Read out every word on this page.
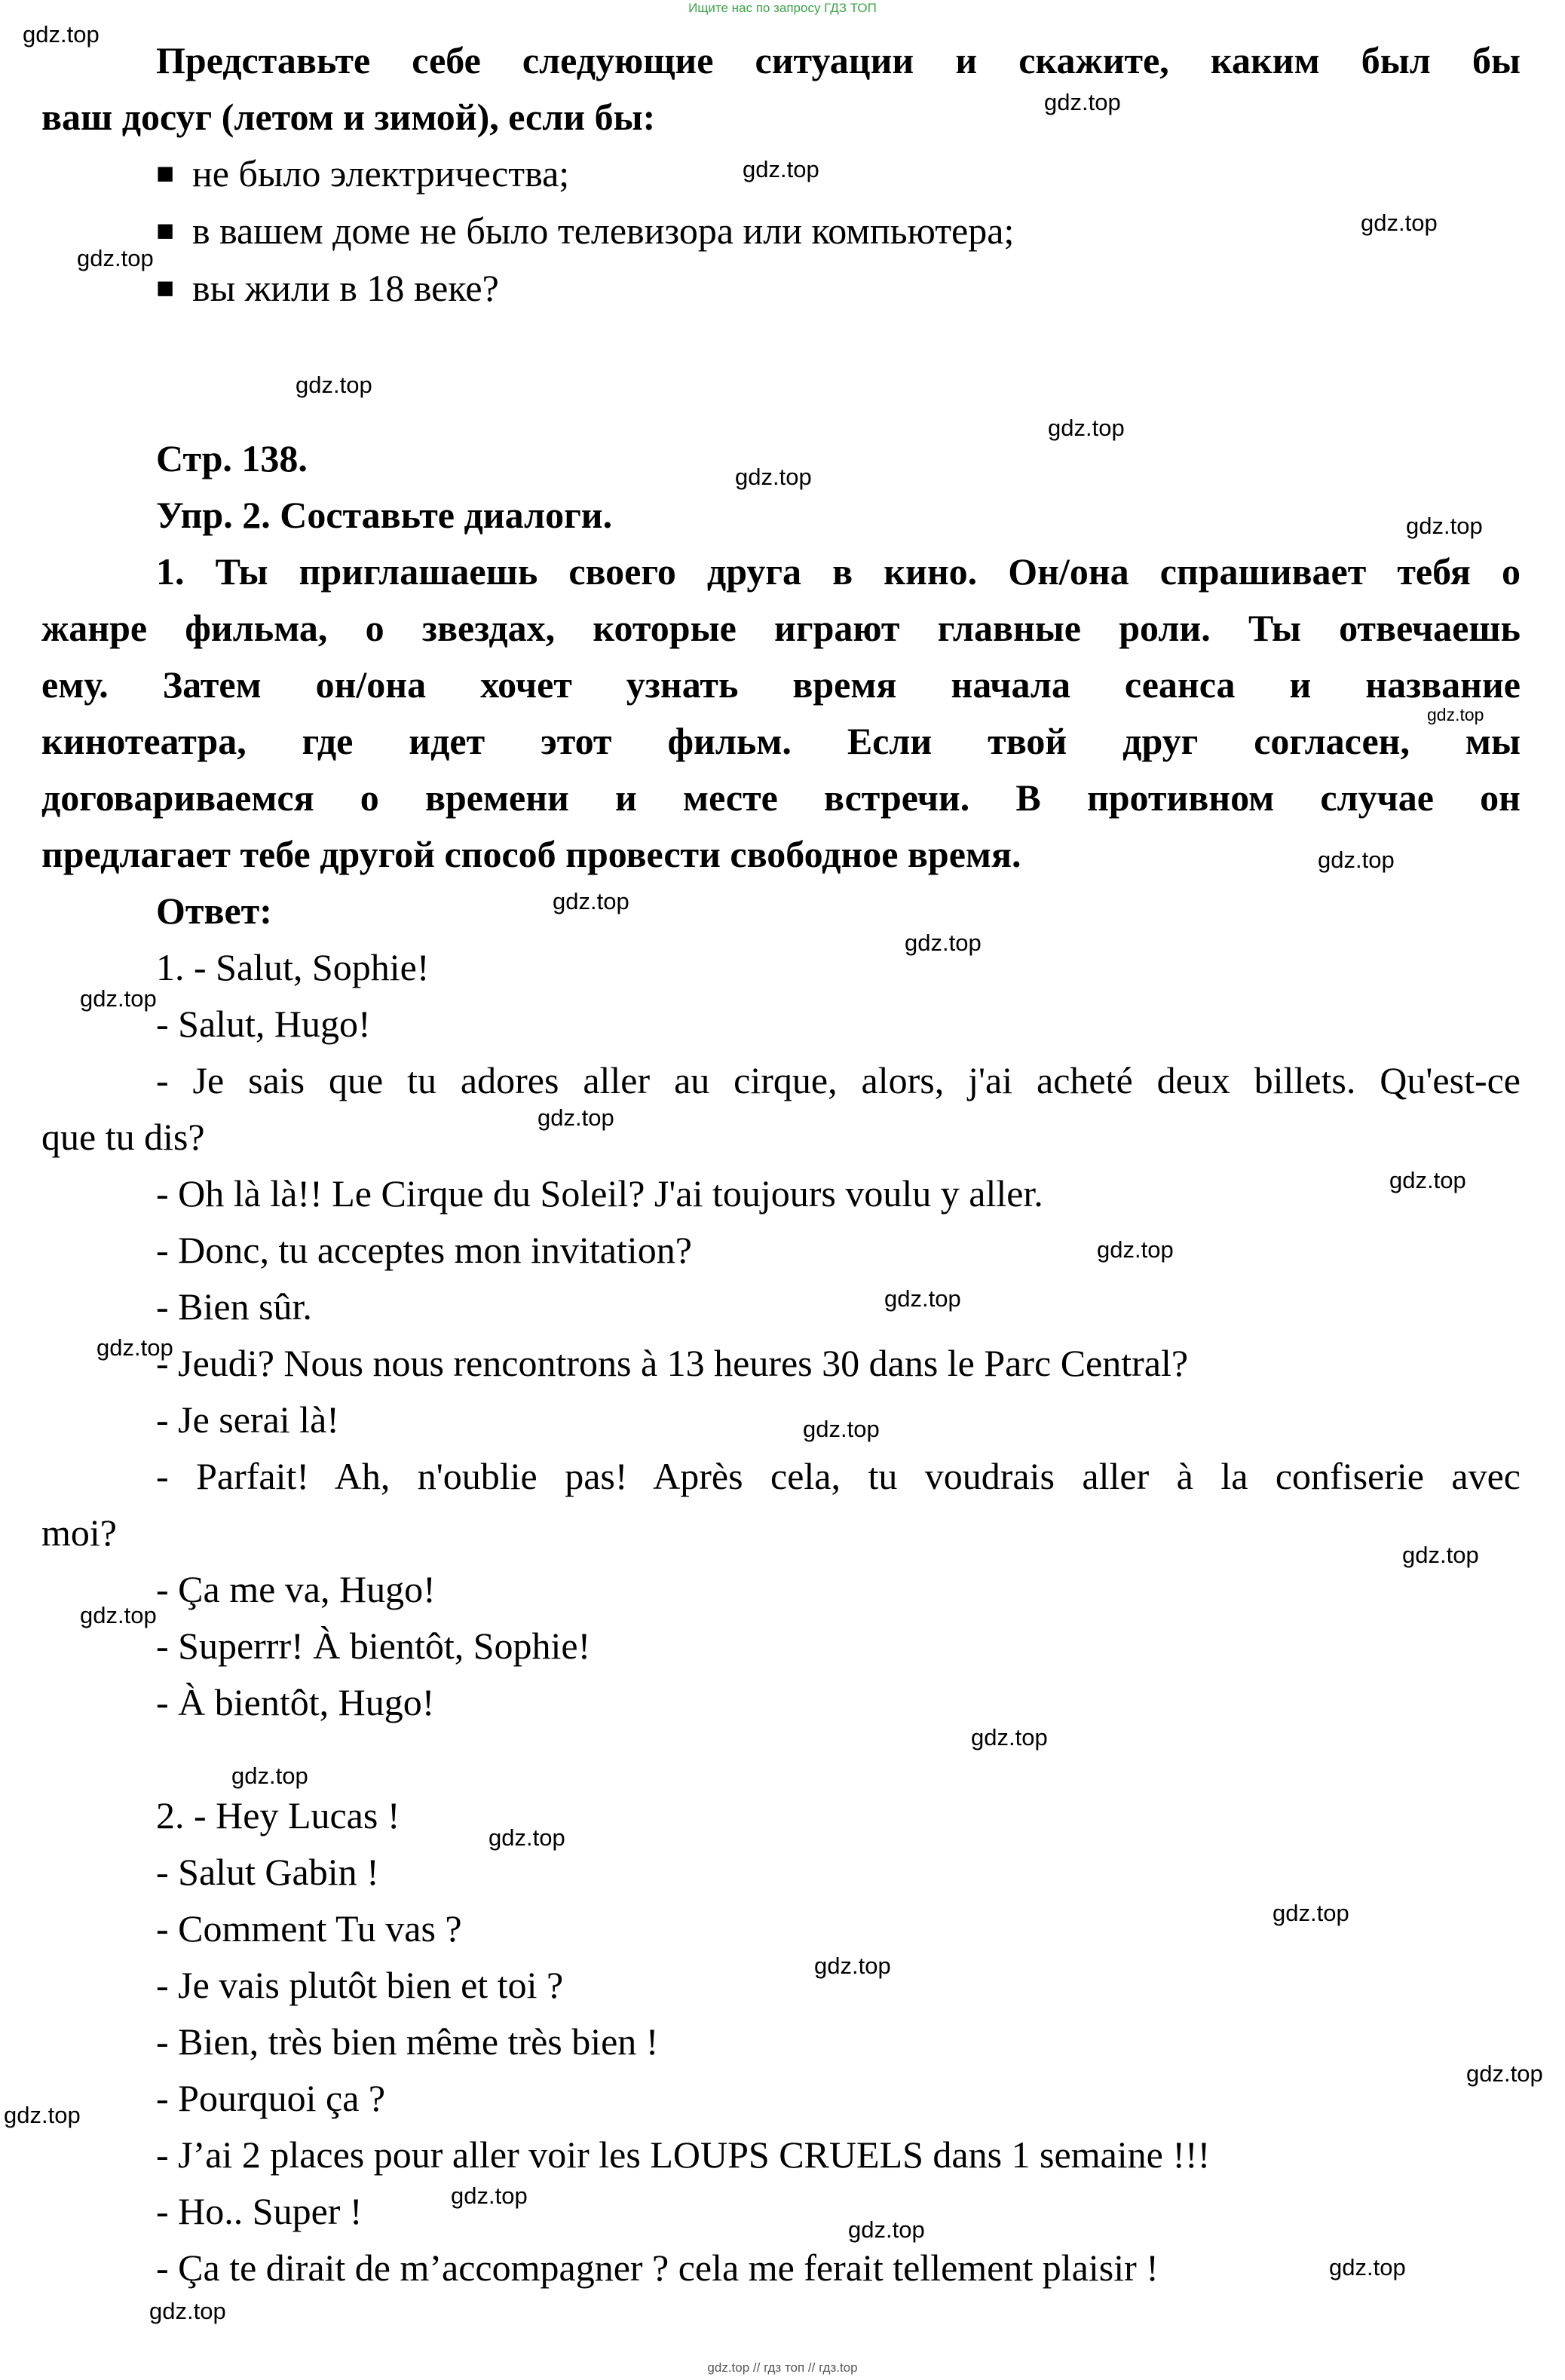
Ищите нас по запросу ГДЗ ТОП
Представьте себе следующие ситуации и скажите, каким был бы
ваш досуг (летом и зимой), если бы:
■ не было электричества;
■ в вашем доме не было телевизора или компьютера;
■ вы жили в 18 веке?
Стр. 138.
Упр. 2. Составьте диалоги.
1. Ты приглашаешь своего друга в кино. Он/она спрашивает тебя о
жанре фильма, о звездах, которые играют главные роли. Ты отвечаешь
ему. Затем он/она хочет узнать время начала сеанса и название
кинотеатра, где идет этот фильм. Если твой друг согласен, мы
договариваемся о времени и месте встречи. В противном случае он
предлагает тебе другой способ провести свободное время.
Ответ:
1. - Salut, Sophie!
- Salut, Hugo!
- Je sais que tu adores aller au cirque, alors, j'ai acheté deux billets. Qu'est-ce
que tu dis?
- Oh là là!! Le Cirque du Soleil? J'ai toujours voulu y aller.
- Donc, tu acceptes mon invitation?
- Bien sûr.
- Jeudi? Nous nous rencontrons à 13 heures 30 dans le Parc Central?
- Je serai là!
- Parfait! Ah, n'oublie pas! Après cela, tu voudrais aller à la confiserie avec
moi?
- Ça me va, Hugo!
- Superrr! À bientôt, Sophie!
- À bientôt, Hugo!
2. - Hey Lucas !
- Salut Gabin !
- Comment Tu vas ?
- Je vais plutôt bien et toi ?
- Bien, très bien même très bien !
- Pourquoi ça ?
- J’ai 2 places pour aller voir les LOUPS CRUELS dans 1 semaine !!!
- Ho.. Super !
- Ça te dirait de m’accompagner ? cela me ferait tellement plaisir !
gdz.top
gdz.top
gdz.top
gdz.top
gdz.top
gdz.top
gdz.top
gdz.top
gdz.top
gdz.top
gdz.top
gdz.top
gdz.top
gdz.top
gdz.top
gdz.top
gdz.top
gdz.top
gdz.top
gdz.top
gdz.top
gdz.top
gdz.top
gdz.top
gdz.top
gdz.top
gdz.top
gdz.top
gdz.top
gdz.top
gdz.top
gdz.top
gdz.top
gdz.top // гдз топ // гдз.top
